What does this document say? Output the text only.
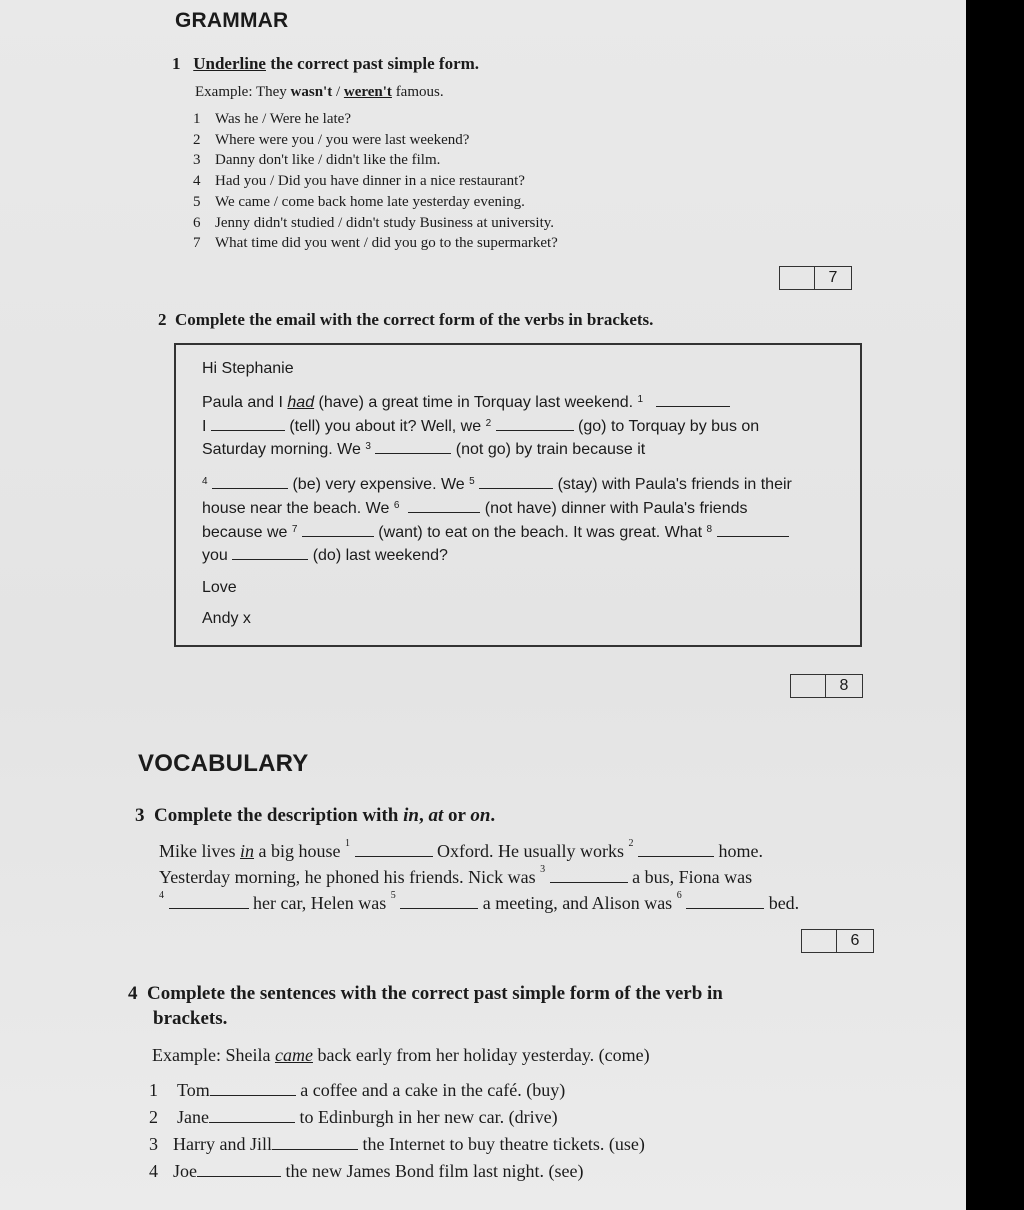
GRAMMAR
1 Underline the correct past simple form.
Example: They wasn't / weren't famous.
1 Was he / Were he late?
2 Where were you / you were last weekend?
3 Danny don't like / didn't like the film.
4 Had you / Did you have dinner in a nice restaurant?
5 We came / come back home late yesterday evening.
6 Jenny didn't studied / didn't study Business at university.
7 What time did you went / did you go to the supermarket?
7
2 Complete the email with the correct form of the verbs in brackets.
Hi Stephanie
Paula and I had (have) a great time in Torquay last weekend. $^1$
I	(tell) you about it? Well, we $^2$	(go) to Torquay by bus on
Saturday morning. We $^3$	(not go) by train because it
$^4$	(be) very expensive. We $^5$	(stay) with Paula's friends in their
house near the beach. We $^6$	(not have) dinner with Paula's friends
because we $^7$	(want) to eat on the beach. It was great. What $^8$
you	(do) last weekend?
Love
Andy x
8
VOCABULARY
3 Complete the description with in, at or on.
Mike lives in a big house $^1$	Oxford. He usually works $^2$	home.
Yesterday morning, he phoned his friends. Nick was $^3$	a bus, Fiona was
$^4$	her car, Helen was $^5$	a meeting, and Alison was $^6$	bed.
6
4 Complete the sentences with the correct past simple form of the verb in
brackets.
Example: Sheila came back early from her holiday yesterday. (come)
1 Tom	a coffee and a cake in the café. (buy)
2 Jane	to Edinburgh in her new car. (drive)
3 Harry and Jill	the Internet to buy theatre tickets. (use)
4 Joe	the new James Bond film last night. (see)
